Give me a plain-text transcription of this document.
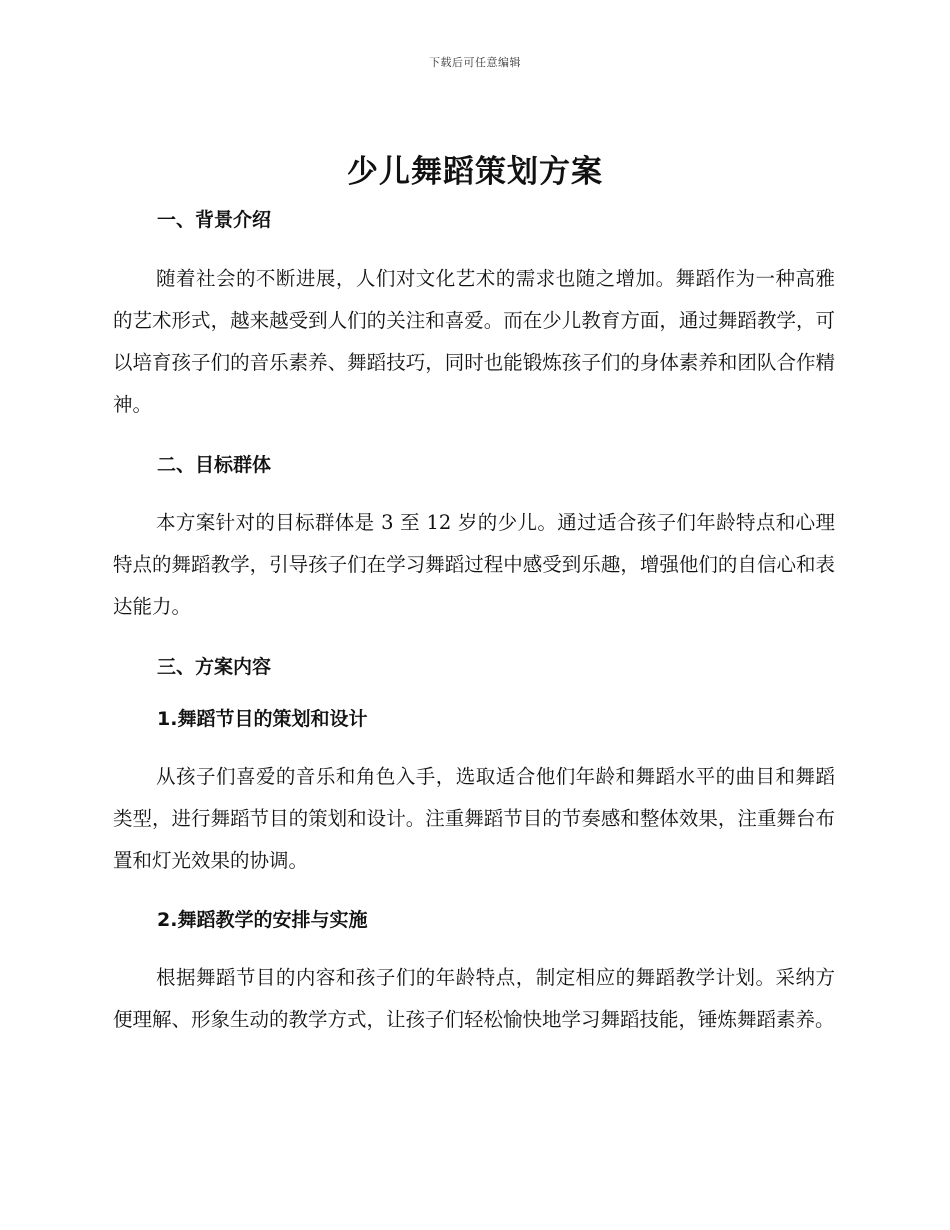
下载后可任意编辑
少儿舞蹈策划方案
一、背景介绍

随着社会的不断进展，人们对文化艺术的需求也随之增加。舞蹈作为一种高雅的艺术形式，越来越受到人们的关注和喜爱。而在少儿教育方面，通过舞蹈教学，可以培育孩子们的音乐素养、舞蹈技巧，同时也能锻炼孩子们的身体素养和团队合作精神。

二、目标群体

本方案针对的目标群体是 3 至 12 岁的少儿。通过适合孩子们年龄特点和心理特点的舞蹈教学，引导孩子们在学习舞蹈过程中感受到乐趣，增强他们的自信心和表达能力。

三、方案内容
1.舞蹈节目的策划和设计

从孩子们喜爱的音乐和角色入手，选取适合他们年龄和舞蹈水平的曲目和舞蹈类型，进行舞蹈节目的策划和设计。注重舞蹈节目的节奏感和整体效果，注重舞台布置和灯光效果的协调。

2.舞蹈教学的安排与实施

根据舞蹈节目的内容和孩子们的年龄特点，制定相应的舞蹈教学计划。采纳方便理解、形象生动的教学方式，让孩子们轻松愉快地学习舞蹈技能，锤炼舞蹈素养。
